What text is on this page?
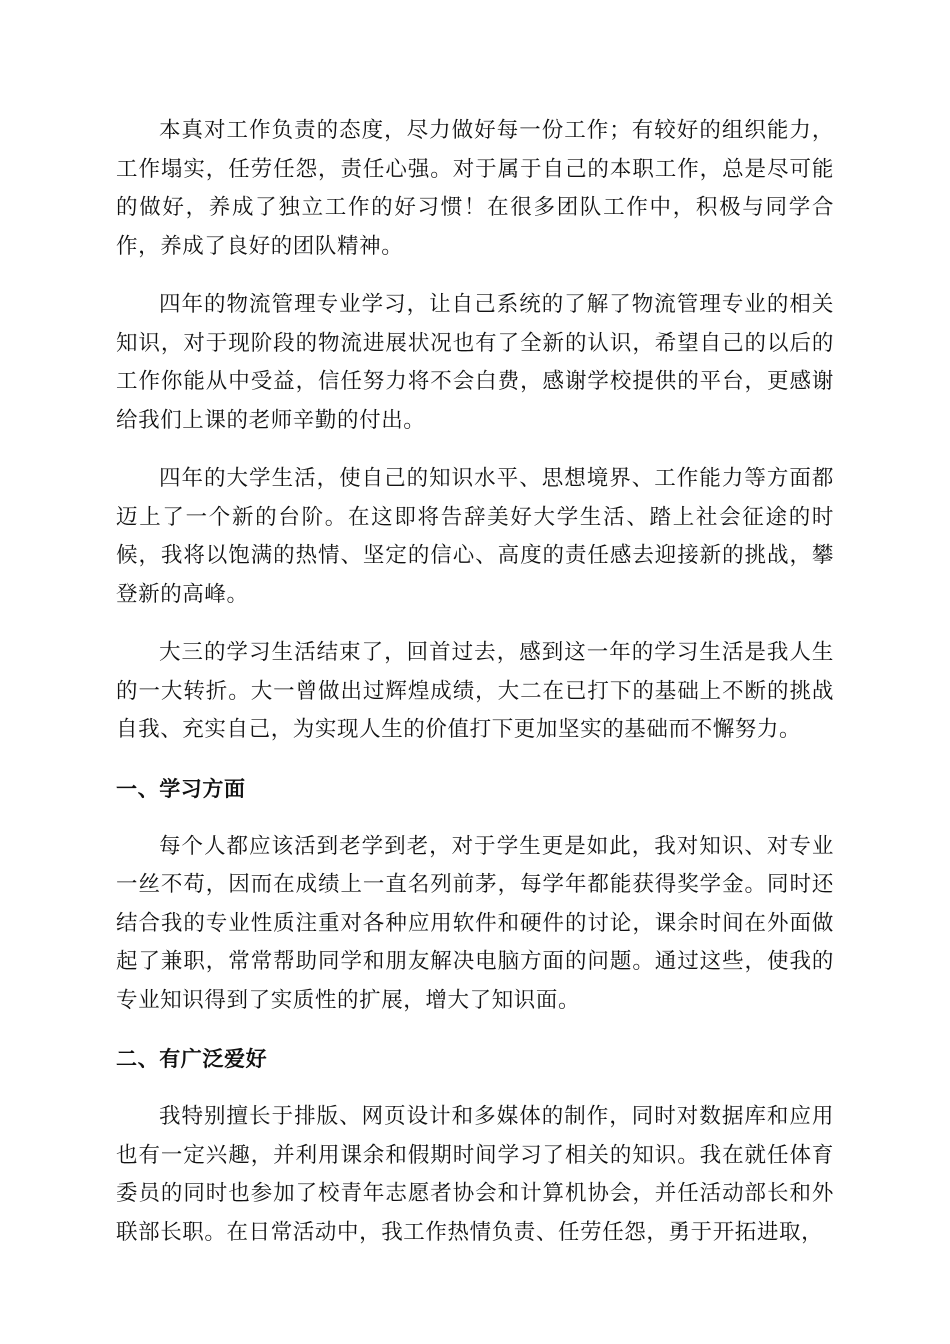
本真对工作负责的态度，尽力做好每一份工作；有较好的组织能力，工作塌实，任劳任怨，责任心强。对于属于自己的本职工作，总是尽可能的做好，养成了独立工作的好习惯！在很多团队工作中，积极与同学合作，养成了良好的团队精神。

四年的物流管理专业学习，让自己系统的了解了物流管理专业的相关知识，对于现阶段的物流进展状况也有了全新的认识，希望自己的以后的工作你能从中受益，信任努力将不会白费，感谢学校提供的平台，更感谢给我们上课的老师辛勤的付出。

四年的大学生活，使自己的知识水平、思想境界、工作能力等方面都迈上了一个新的台阶。在这即将告辞美好大学生活、踏上社会征途的时候，我将以饱满的热情、坚定的信心、高度的责任感去迎接新的挑战，攀登新的高峰。

大三的学习生活结束了，回首过去，感到这一年的学习生活是我人生的一大转折。大一曾做出过辉煌成绩，大二在已打下的基础上不断的挑战自我、充实自己，为实现人生的价值打下更加坚实的基础而不懈努力。

一、学习方面

每个人都应该活到老学到老，对于学生更是如此，我对知识、对专业一丝不苟，因而在成绩上一直名列前茅，每学年都能获得奖学金。同时还结合我的专业性质注重对各种应用软件和硬件的讨论，课余时间在外面做起了兼职，常常帮助同学和朋友解决电脑方面的问题。通过这些，使我的专业知识得到了实质性的扩展，增大了知识面。

二、有广泛爱好

我特别擅长于排版、网页设计和多媒体的制作，同时对数据库和应用也有一定兴趣，并利用课余和假期时间学习了相关的知识。我在就任体育委员的同时也参加了校青年志愿者协会和计算机协会，并任活动部长和外联部长职。在日常活动中，我工作热情负责、任劳任怨，勇于开拓进取，
